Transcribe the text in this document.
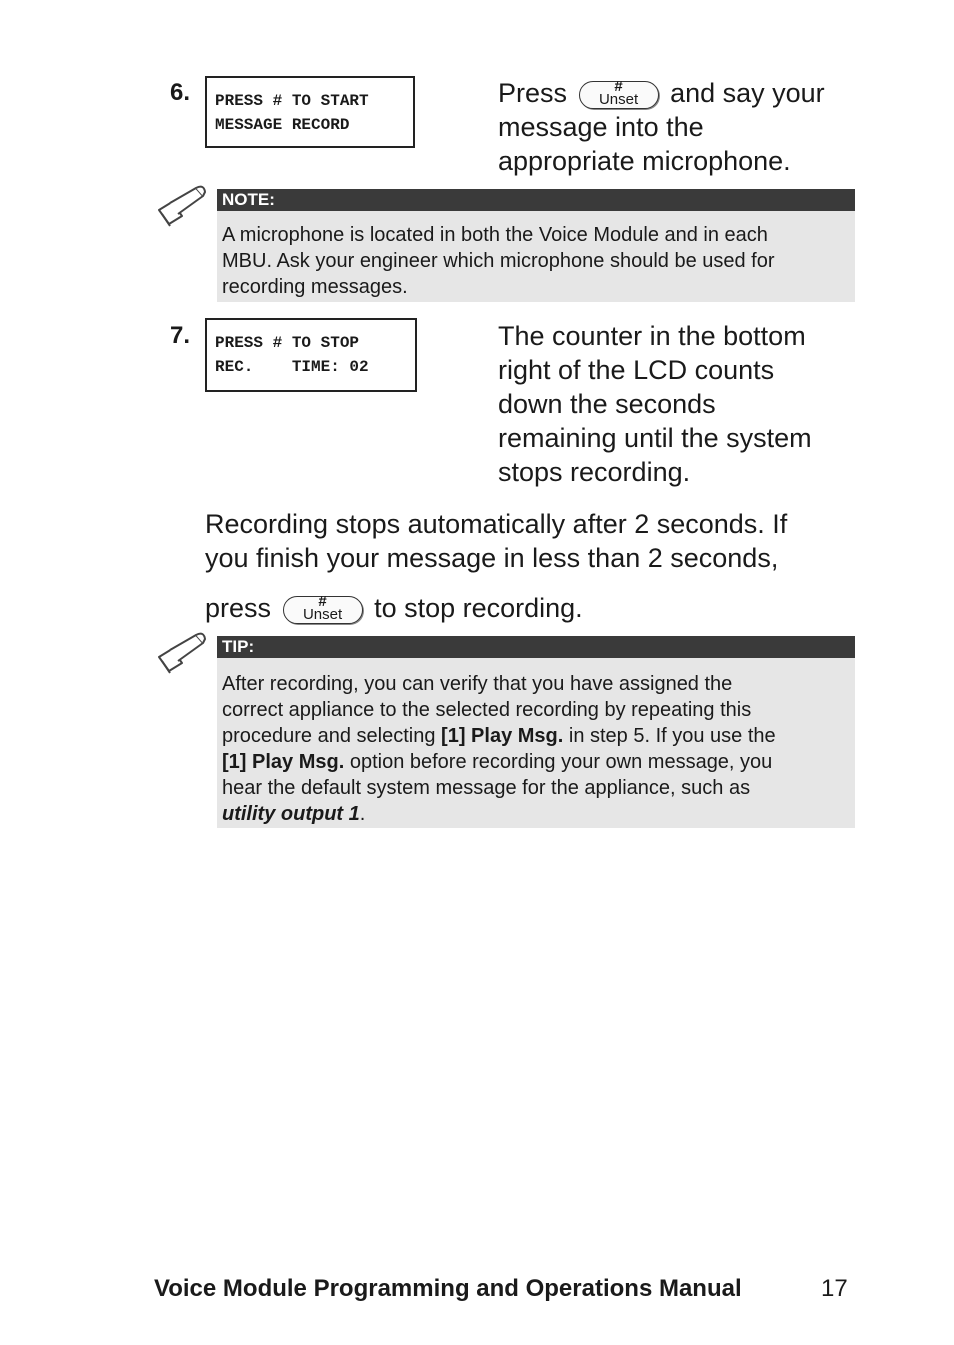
6.	PRESS # TO START
MESSAGE RECORD
Press	#
Unset	and say your
message into the
appropriate microphone.
NOTE:
A microphone is located in both the Voice Module and in each
MBU. Ask your engineer which microphone should be used for
recording messages.
7.	PRESS # TO STOP
REC.    TIME: 02
The counter in the bottom
right of the LCD counts
down the seconds
remaining until the system
stops recording.
Recording stops automatically after 2 seconds. If
you finish your message in less than 2 seconds,
press	#
Unset	to stop recording.
TIP:
After recording, you can verify that you have assigned the
correct appliance to the selected recording by repeating this
procedure and selecting [1] Play Msg. in step 5. If you use the
[1] Play Msg. option before recording your own message, you
hear the default system message for the appliance, such as
utility output 1.
Voice Module Programming and Operations Manual	17
